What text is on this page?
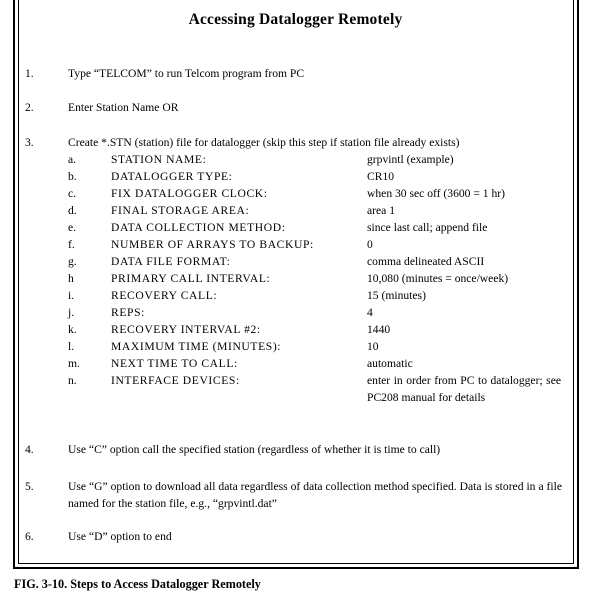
Accessing Datalogger Remotely
1.	Type “TELCOM” to run Telcom program from PC
2.	Enter Station Name OR
3.	Create *.STN (station) file for datalogger (skip this step if station file already exists)
a.	STATION NAME:	grpvintl (example)
b.	DATALOGGER TYPE:	CR10
c.	FIX DATALOGGER CLOCK:	when 30 sec off (3600 = 1 hr)
d.	FINAL STORAGE AREA:	area 1
e.	DATA COLLECTION METHOD:	since last call; append file
f.	NUMBER OF ARRAYS TO BACKUP:	0
g.	DATA FILE FORMAT:	comma delineated ASCII
h	PRIMARY CALL INTERVAL:	10,080 (minutes = once/week)
i.	RECOVERY CALL:	15 (minutes)
j.	REPS:	4
k.	RECOVERY INTERVAL #2:	1440
l.	MAXIMUM TIME (MINUTES):	10
m.	NEXT TIME TO CALL:	automatic
n.	INTERFACE DEVICES:	enter in order from PC to datalogger; see PC208 manual for details
4.	Use “C” option call the specified station (regardless of whether it is time to call)
5.	Use “G” option to download all data regardless of data collection method specified. Data is stored in a file named for the station file, e.g., “grpvintl.dat”
6.	Use “D” option to end
FIG. 3-10. Steps to Access Datalogger Remotely
